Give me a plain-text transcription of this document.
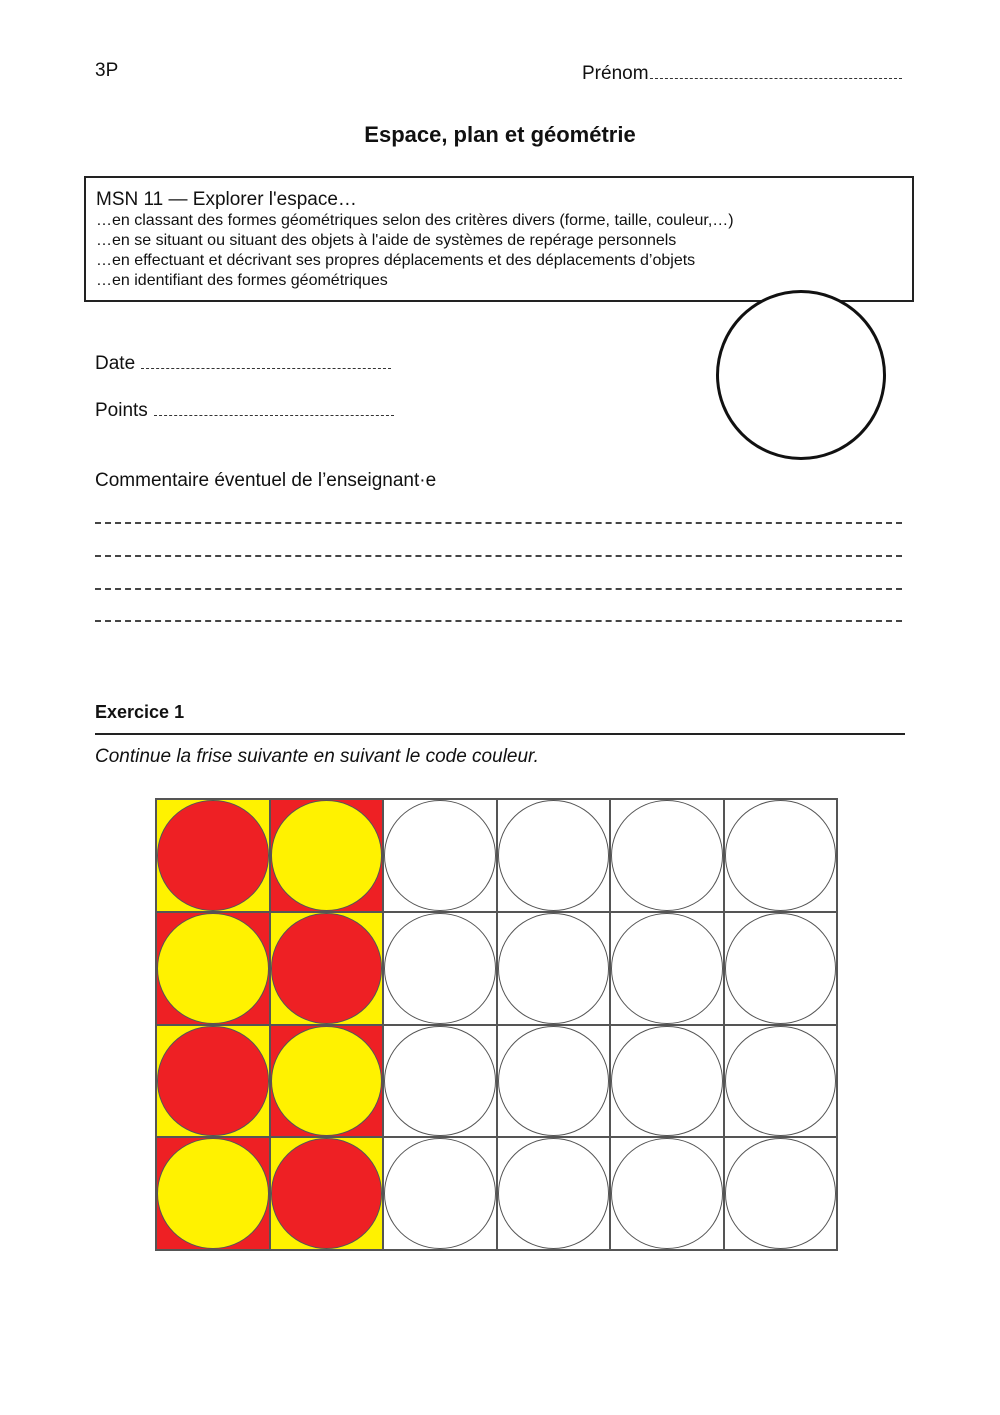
3P	Prénom
Espace, plan et géométrie
MSN 11 — Explorer l'espace…
…en classant des formes géométriques selon des critères divers (forme, taille, couleur,…)
…en se situant ou situant des objets à l'aide de systèmes de repérage personnels
…en effectuant et décrivant ses propres déplacements et des déplacements d’objets
…en identifiant des formes géométriques
Date
Points
Commentaire éventuel de l’enseignant·e
Exercice 1
Continue la frise suivante en suivant le code couleur.
